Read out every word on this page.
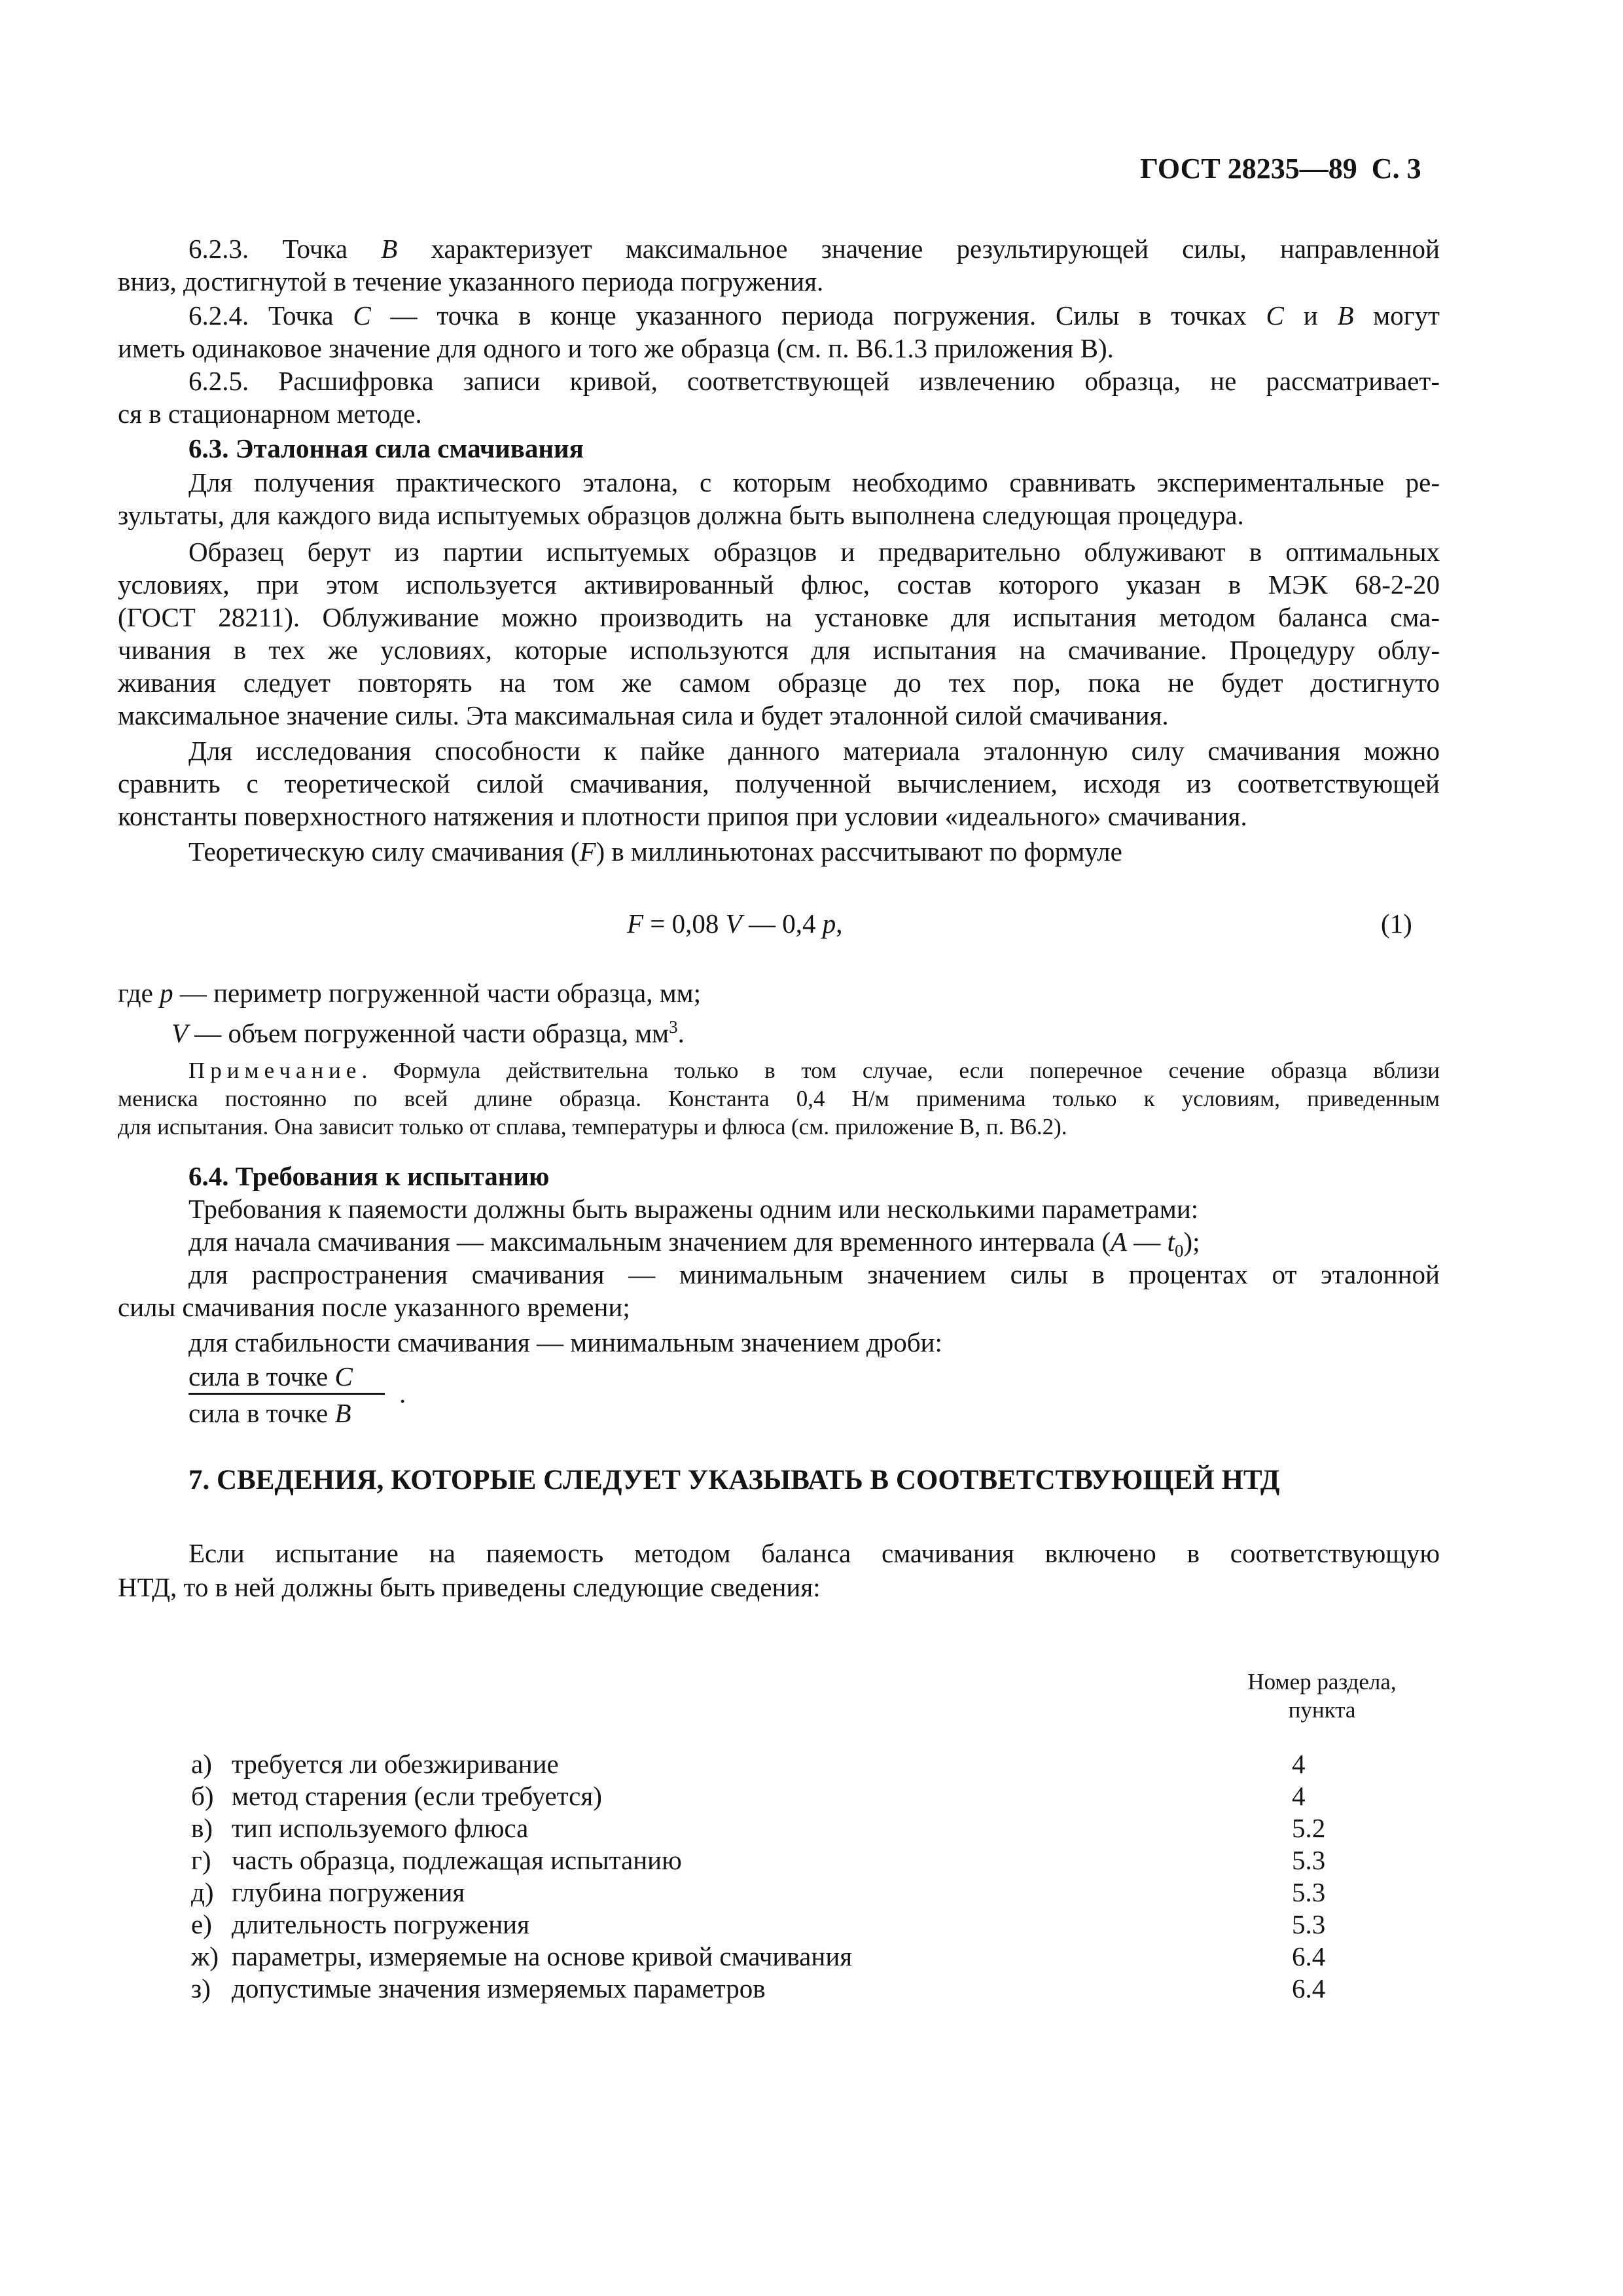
ГОСТ 28235—89 С. 3
6.2.3. Точка В характеризует максимальное значение результирующей силы, направленной
вниз, достигнутой в течение указанного периода погружения.
6.2.4. Точка С — точка в конце указанного периода погружения. Силы в точках С и В могут
иметь одинаковое значение для одного и того же образца (см. п. В6.1.3 приложения В).
6.2.5. Расшифровка записи кривой, соответствующей извлечению образца, не рассматривает-
ся в стационарном методе.
6.3. Эталонная сила смачивания
Для получения практического эталона, с которым необходимо сравнивать экспериментальные ре-
зультаты, для каждого вида испытуемых образцов должна быть выполнена следующая процедура.
Образец берут из партии испытуемых образцов и предварительно облуживают в оптимальных
условиях, при этом используется активированный флюс, состав которого указан в МЭК 68-2-20
(ГОСТ 28211). Облуживание можно производить на установке для испытания методом баланса сма-
чивания в тех же условиях, которые используются для испытания на смачивание. Процедуру облу-
живания следует повторять на том же самом образце до тех пор, пока не будет достигнуто
максимальное значение силы. Эта максимальная сила и будет эталонной силой смачивания.
Для исследования способности к пайке данного материала эталонную силу смачивания можно
сравнить с теоретической силой смачивания, полученной вычислением, исходя из соответствующей
константы поверхностного натяжения и плотности припоя при условии «идеального» смачивания.
Теоретическую силу смачивания (F) в миллиньютонах рассчитывают по формуле
F = 0,08 V — 0,4 p,	(1)
где p — периметр погруженной части образца, мм;
V — объем погруженной части образца, $мм^3$.
Примечание. Формула действительна только в том случае, если поперечное сечение образца вблизи
мениска постоянно по всей длине образца. Константа 0,4 Н/м применима только к условиям, приведенным
для испытания. Она зависит только от сплава, температуры и флюса (см. приложение В, п. В6.2).
6.4. Требования к испытанию
Требования к паяемости должны быть выражены одним или несколькими параметрами:
для начала смачивания — максимальным значением для временного интервала (A — $t_0$);
для распространения смачивания — минимальным значением силы в процентах от эталонной
силы смачивания после указанного времени;
для стабильности смачивания — минимальным значением дроби:
сила в точке С
сила в точке В
.
7. СВЕДЕНИЯ, КОТОРЫЕ СЛЕДУЕТ УКАЗЫВАТЬ В СООТВЕТСТВУЮЩЕЙ НТД
Если испытание на паяемость методом баланса смачивания включено в соответствующую
НТД, то в ней должны быть приведены следующие сведения:
Номер раздела,
пункта
а) требуется ли обезжиривание	4
б) метод старения (если требуется)	4
в) тип используемого флюса	5.2
г) часть образца, подлежащая испытанию	5.3
д) глубина погружения	5.3
е) длительность погружения	5.3
ж) параметры, измеряемые на основе кривой смачивания	6.4
з) допустимые значения измеряемых параметров	6.4
